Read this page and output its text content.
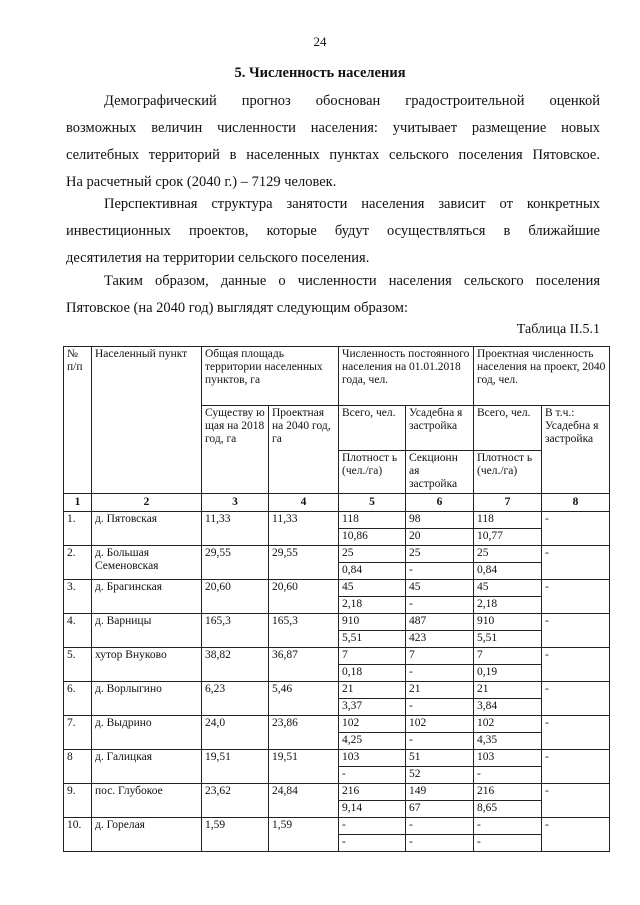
24
5. Численность населения
Демографический прогноз обоснован градостроительной оценкой
возможных величин численности населения: учитывает размещение новых
селитебных территорий в населенных пунктах сельского поселения Пятовское.
На расчетный срок (2040 г.) – 7129 человек.
Перспективная структура занятости населения зависит от конкретных
инвестиционных проектов, которые будут осуществляться в ближайшие
десятилетия на территории сельского поселения.
Таким образом, данные о численности населения сельского поселения
Пятовское (на 2040 год) выглядят следующим образом:
Таблица II.5.1
№ п/п	Населенный пункт	Общая площадь территории населенных пунктов, га		Численность постоянного населения на 01.01.2018 года, чел.		Проектная численность населения на проект, 2040 год, чел.	
		Существу ю щая на 2018 год, га	Проектная на 2040 год, га	Всего, чел.	Усадебна я застройка	Всего, чел.	В т.ч.: Усадебна я застройка
				Плотност ь (чел./га)	Секционн ая застройка	Плотност ь (чел./га)	
1	2	3	4	5	6	7	8
1.	д. Пятовская	11,33	11,33	118	98	118	-
				10,86	20	10,77	
2.	д. Большая Семеновская	29,55	29,55	25	25	25	-
				0,84	-	0,84	
3.	д. Брагинская	20,60	20,60	45	45	45	-
				2,18	-	2,18	
4.	д. Варницы	165,3	165,3	910	487	910	-
				5,51	423	5,51	
5.	хутор Внуково	38,82	36,87	7	7	7	-
				0,18	-	0,19	
6.	д. Ворлыгино	6,23	5,46	21	21	21	-
				3,37	-	3,84	
7.	д. Выдрино	24,0	23,86	102	102	102	-
				4,25	-	4,35	
8	д. Галицкая	19,51	19,51	103	51	103	-
				-	52	-	
9.	пос. Глубокое	23,62	24,84	216	149	216	-
				9,14	67	8,65	
10.	д. Горелая	1,59	1,59	-	-	-	-
				-	-	-	
